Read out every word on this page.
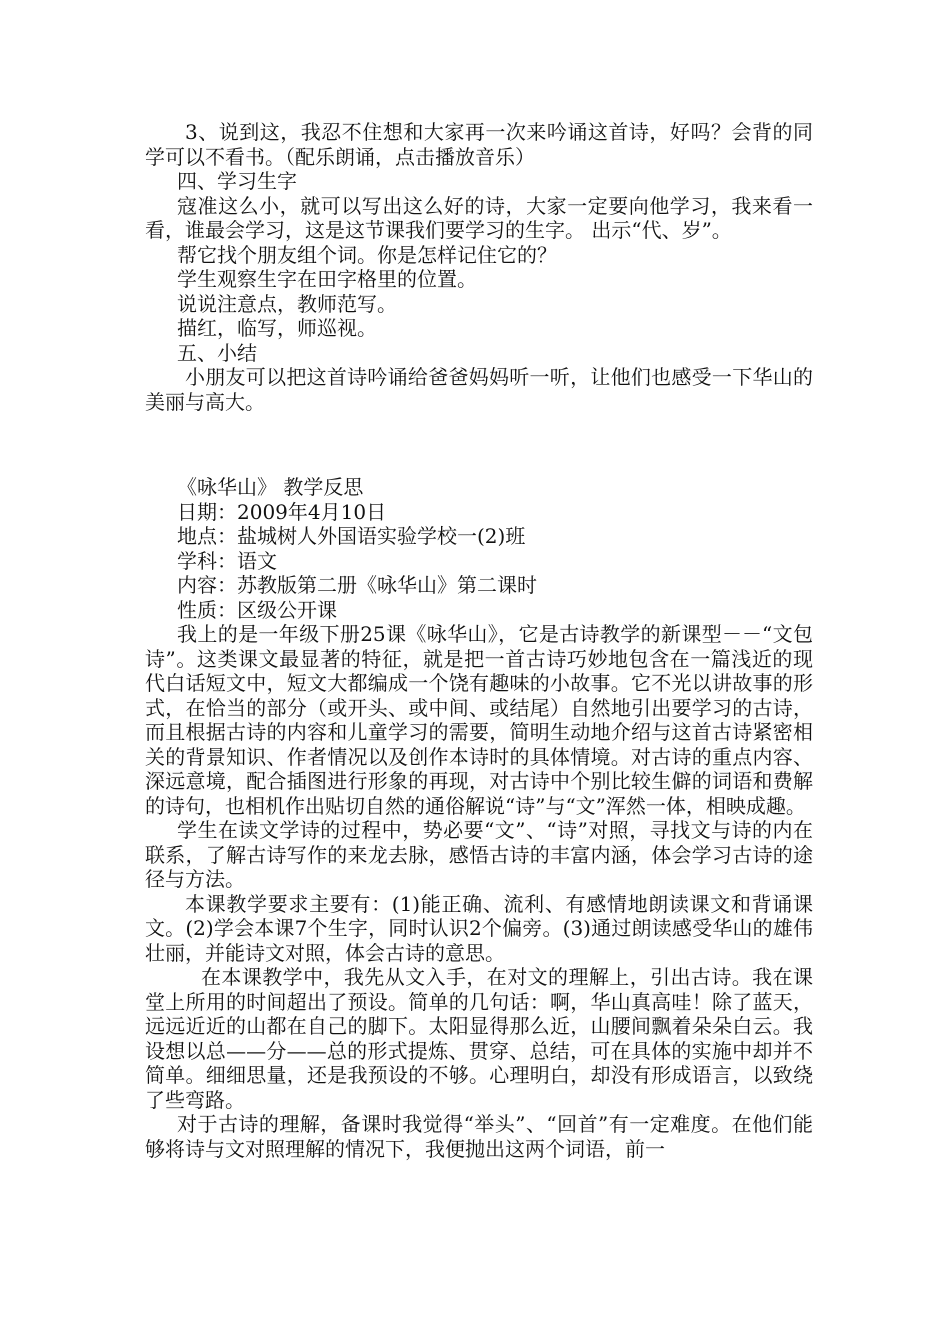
3、说到这，我忍不住想和大家再一次来吟诵这首诗，好吗？会背的同学可以不看书。（配乐朗诵，点击播放音乐）

四、学习生字

寇准这么小，就可以写出这么好的诗，大家一定要向他学习，我来看一看，谁最会学习，这是这节课我们要学习的生字。 出示“代、岁”。

帮它找个朋友组个词。你是怎样记住它的？

学生观察生字在田字格里的位置。

说说注意点，教师范写。

描红，临写，师巡视。

五、小结

小朋友可以把这首诗吟诵给爸爸妈妈听一听，让他们也感受一下华山的美丽与高大。

《咏华山》 教学反思

日期：2009年4月10日

地点：盐城树人外国语实验学校一(2)班

学科：语文

内容：苏教版第二册《咏华山》第二课时

性质：区级公开课

我上的是一年级下册25课《咏华山》，它是古诗教学的新课型－－“文包诗”。这类课文最显著的特征，就是把一首古诗巧妙地包含在一篇浅近的现代白话短文中，短文大都编成一个饶有趣味的小故事。它不光以讲故事的形式，在恰当的部分（或开头、或中间、或结尾）自然地引出要学习的古诗，而且根据古诗的内容和儿童学习的需要，简明生动地介绍与这首古诗紧密相关的背景知识、作者情况以及创作本诗时的具体情境。对古诗的重点内容、深远意境，配合插图进行形象的再现，对古诗中个别比较生僻的词语和费解的诗句，也相机作出贴切自然的通俗解说“诗”与“文”浑然一体，相映成趣。

学生在读文学诗的过程中，势必要“文”、“诗”对照，寻找文与诗的内在联系，了解古诗写作的来龙去脉，感悟古诗的丰富内涵，体会学习古诗的途径与方法。

本课教学要求主要有：(1)能正确、流利、有感情地朗读课文和背诵课文。(2)学会本课7个生字，同时认识2个偏旁。(3)通过朗读感受华山的雄伟壮丽，并能诗文对照，体会古诗的意思。

在本课教学中，我先从文入手，在对文的理解上，引出古诗。我在课堂上所用的时间超出了预设。简单的几句话：啊，华山真高哇！除了蓝天，远远近近的山都在自己的脚下。太阳显得那么近，山腰间飘着朵朵白云。我设想以总——分——总的形式提炼、贯穿、总结，可在具体的实施中却并不简单。细细思量，还是我预设的不够。心理明白，却没有形成语言，以致绕了些弯路。

对于古诗的理解，备课时我觉得“举头”、“回首”有一定难度。在他们能够将诗与文对照理解的情况下，我便抛出这两个词语，前一
